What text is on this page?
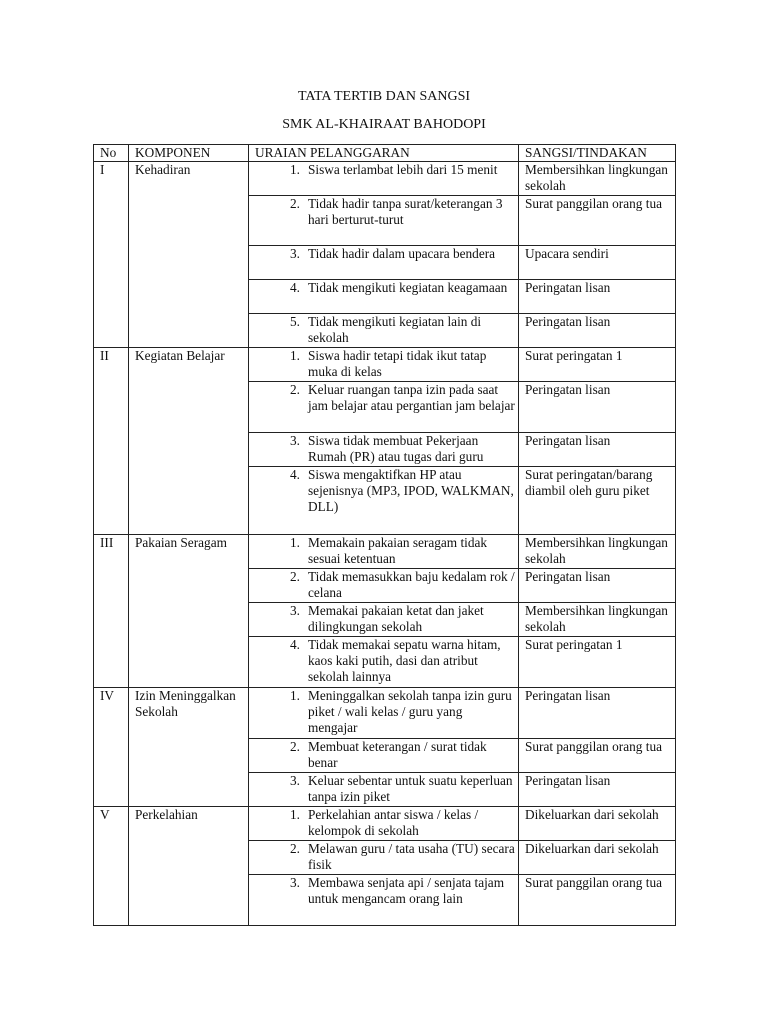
TATA TERTIB DAN SANGSI
SMK AL-KHAIRAAT BAHODOPI
No	KOMPONEN	URAIAN PELANGGARAN	SANGSI/TINDAKAN
I	Kehadiran	1. Siswa terlambat lebih dari 15 menit	Membersihkan lingkungan sekolah

		2. Tidak hadir tanpa surat/keterangan 3 hari berturut-turut	Surat panggilan orang tua

		3. Tidak hadir dalam upacara bendera	Upacara sendiri

		4. Tidak mengikuti kegiatan keagamaan	Peringatan lisan

		5. Tidak mengikuti kegiatan lain di sekolah	Peringatan lisan
II	Kegiatan Belajar	1. Siswa hadir tetapi tidak ikut tatap muka di kelas	Surat peringatan 1

		2. Keluar ruangan tanpa izin pada saat jam belajar atau pergantian jam belajar	Peringatan lisan

		3. Siswa tidak membuat Pekerjaan Rumah (PR) atau tugas dari guru	Peringatan lisan

		4. Siswa mengaktifkan HP atau sejenisnya (MP3, IPOD, WALKMAN, DLL)	Surat peringatan/barang diambil oleh guru piket
III	Pakaian Seragam	1. Memakain pakaian seragam tidak sesuai ketentuan	Membersihkan lingkungan sekolah

		2. Tidak memasukkan baju kedalam rok / celana	Peringatan lisan

		3. Memakai pakaian ketat dan jaket dilingkungan sekolah	Membersihkan lingkungan sekolah

		4. Tidak memakai sepatu warna hitam, kaos kaki putih, dasi dan atribut sekolah lainnya	Surat peringatan 1
IV	Izin Meninggalkan Sekolah	1. Meninggalkan sekolah tanpa izin guru piket / wali kelas / guru yang mengajar	Peringatan lisan

		2. Membuat keterangan / surat tidak benar	Surat panggilan orang tua

		3. Keluar sebentar untuk suatu keperluan tanpa izin piket	Peringatan lisan
V	Perkelahian	1. Perkelahian antar siswa / kelas / kelompok di sekolah	Dikeluarkan dari sekolah

		2. Melawan guru / tata usaha (TU) secara fisik	Dikeluarkan dari sekolah

		3. Membawa senjata api / senjata tajam untuk mengancam orang lain	Surat panggilan orang tua
